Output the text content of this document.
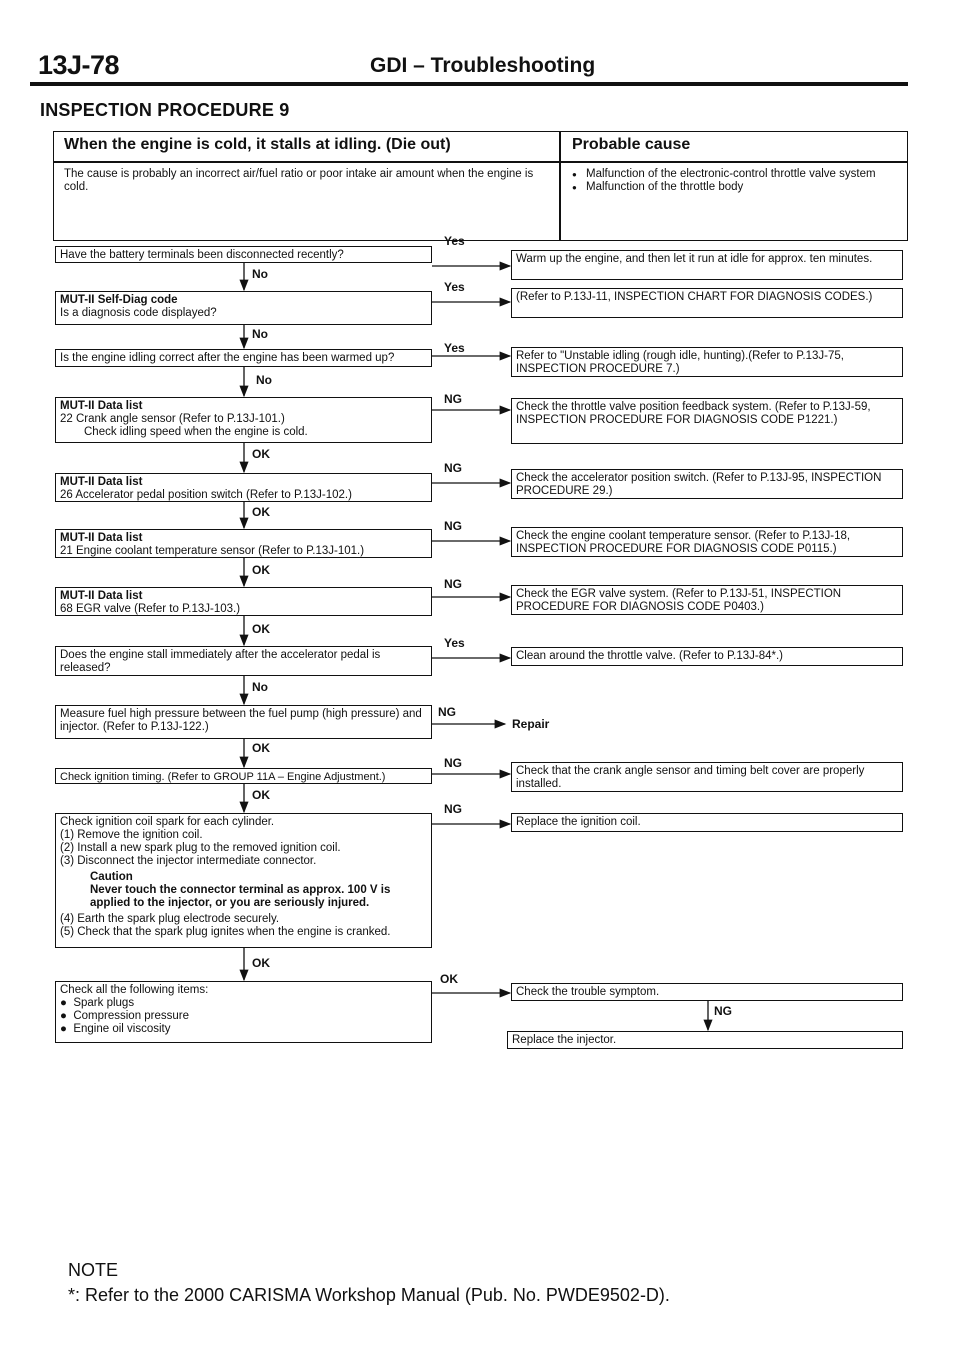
13J-78	GDI – Troubleshooting
INSPECTION PROCEDURE 9
When the engine is cold, it stalls at idling. (Die out)	Probable cause
The cause is probably an incorrect air/fuel ratio or poor intake air amount when the engine is cold.
● Malfunction of the electronic-control throttle valve system
● Malfunction of the throttle body
Yes
No
Yes
No
Yes
No
NG
OK
NG
OK
NG
OK
NG
OK
Yes
No
NG
OK
NG
OK
NG
OK
OK
NG
Have the battery terminals been disconnected recently?
MUT-II Self-Diag code
Is a diagnosis code displayed?
Is the engine idling correct after the engine has been warmed up?
MUT-II Data list
22 Crank angle sensor (Refer to P.13J-101.)
Check idling speed when the engine is cold.
MUT-II Data list
26 Accelerator pedal position switch (Refer to P.13J-102.)
MUT-II Data list
21 Engine coolant temperature sensor (Refer to P.13J-101.)
MUT-II Data list
68 EGR valve (Refer to P.13J-103.)
Does the engine stall immediately after the accelerator pedal is released?
Measure fuel high pressure between the fuel pump (high pressure) and injector. (Refer to P.13J-122.)
Check ignition timing. (Refer to GROUP 11A – Engine Adjustment.)
Check ignition coil spark for each cylinder.
(1) Remove the ignition coil.
(2) Install a new spark plug to the removed ignition coil.
(3) Disconnect the injector intermediate connector.
Caution
Never touch the connector terminal as approx. 100 V is applied to the injector, or you are seriously injured.
(4) Earth the spark plug electrode securely.
(5) Check that the spark plug ignites when the engine is cranked.
Check all the following items:
●  Spark plugs
●  Compression pressure
●  Engine oil viscosity
Warm up the engine, and then let it run at idle for approx. ten minutes.
(Refer to P.13J-11, INSPECTION CHART FOR DIAGNOSIS CODES.)
Refer to "Unstable idling (rough idle, hunting).(Refer to P.13J-75, INSPECTION PROCEDURE 7.)
Check the throttle valve position feedback system. (Refer to P.13J-59, INSPECTION PROCEDURE FOR DIAGNOSIS CODE P1221.)
Check the accelerator position switch. (Refer to P.13J-95, INSPECTION PROCEDURE 29.)
Check the engine coolant temperature sensor. (Refer to P.13J-18, INSPECTION PROCEDURE FOR DIAGNOSIS CODE P0115.)
Check the EGR valve system. (Refer to P.13J-51, INSPECTION PROCEDURE FOR DIAGNOSIS CODE P0403.)
Clean around the throttle valve. (Refer to P.13J-84*.)
Repair
Check that the crank angle sensor and timing belt cover are properly installed.
Replace the ignition coil.
Check the trouble symptom.
Replace the injector.
NOTE
*: Refer to the 2000 CARISMA Workshop Manual (Pub. No. PWDE9502-D).
